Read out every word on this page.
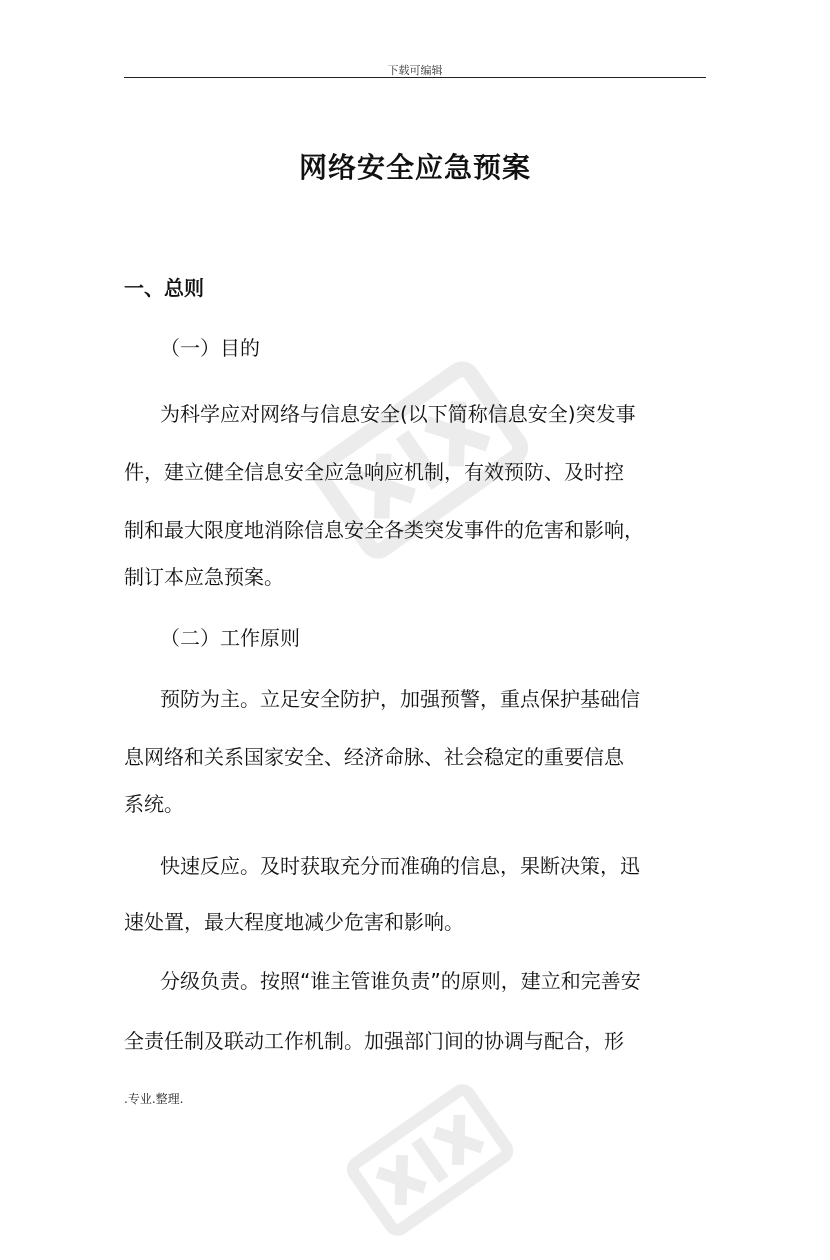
下载可编辑
网络安全应急预案
一、总则
（一）目的
为科学应对网络与信息安全(以下简称信息安全)突发事
件，建立健全信息安全应急响应机制，有效预防、及时控
制和最大限度地消除信息安全各类突发事件的危害和影响，
制订本应急预案。
（二）工作原则
预防为主。立足安全防护，加强预警，重点保护基础信
息网络和关系国家安全、经济命脉、社会稳定的重要信息
系统。
快速反应。及时获取充分而准确的信息，果断决策，迅
速处置，最大程度地减少危害和影响。
分级负责。按照“谁主管谁负责”的原则，建立和完善安
全责任制及联动工作机制。加强部门间的协调与配合，形
.专业.整理.
